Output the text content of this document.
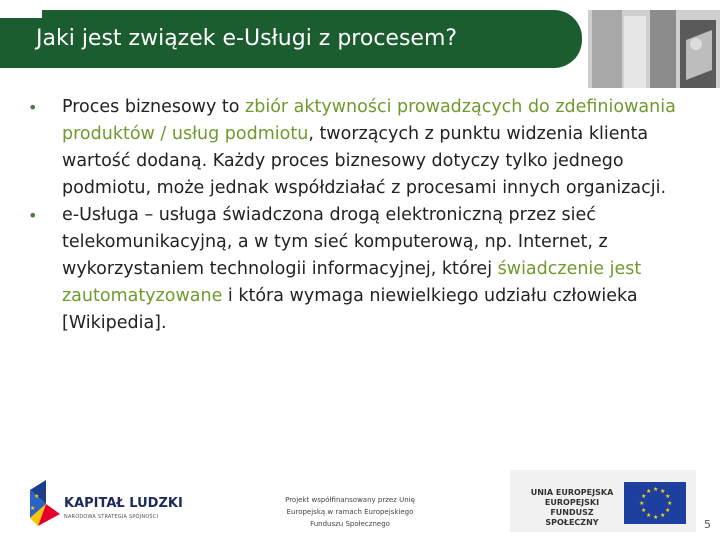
Jaki jest związek e-Usługi z procesem?
• Proces biznesowy to zbiór aktywności prowadzących do zdefiniowania produktów / usług podmiotu, tworzących z punktu widzenia klienta wartość dodaną. Każdy proces biznesowy dotyczy tylko jednego podmiotu, może jednak współdziałać z procesami innych organizacji.
• e-Usługa – usługa świadczona drogą elektroniczną przez sieć telekomunikacyjną, a w tym sieć komputerową, np. Internet, z wykorzystaniem technologii informacyjnej, której świadczenie jest zautomatyzowane i która wymaga niewielkiego udziału człowieka [Wikipedia].
★
★ KAPITAŁ LUDZKI
NARODOWA STRATEGIA SPÓJNOŚCI
Projekt współfinansowany przez Unię Europejską w ramach Europejskiego Funduszu Społecznego
UNIA EUROPEJSKA
EUROPEJSKI
FUNDUSZ SPOŁECZNY
★ ★
★
★
★
★
★
★
★
★
★
★
5
